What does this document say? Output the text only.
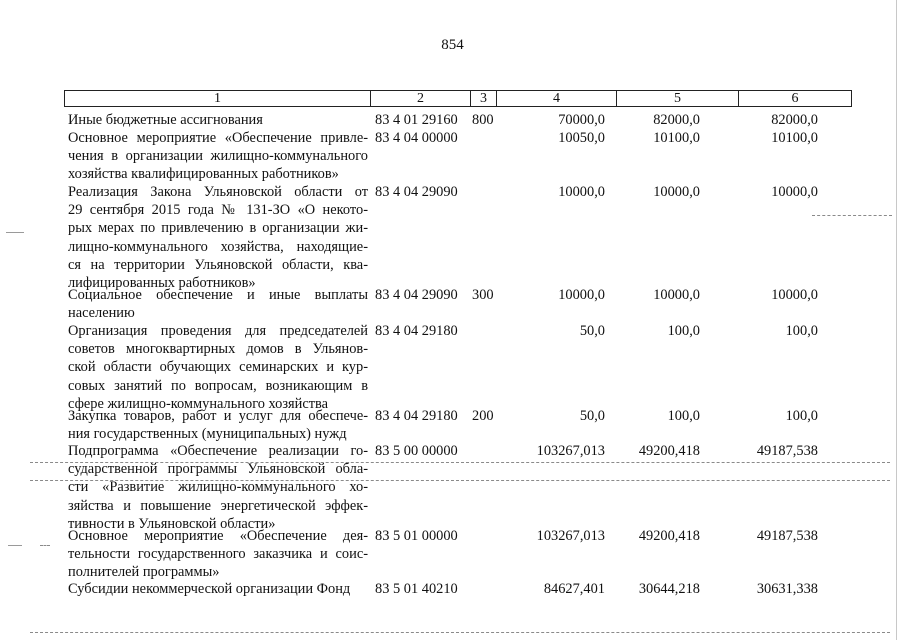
854
1	2	3	4	5	6
Иные бюджетные ассигнования	83 4 01 29160 800	70000,0	82000,0	82000,0
Основное мероприятие «Обеспечение привле-
чения в организации жилищно-коммунального
хозяйства квалифицированных работников»
83 4 04 00000	10050,0	10100,0	10100,0
Реализация Закона Ульяновской области от
29 сентября 2015 года № 131-ЗО «О некото-
рых мерах по привлечению в организации жи-
лищно-коммунального хозяйства, находящие-
ся на территории Ульяновской области, ква-
лифицированных работников»
83 4 04 29090	10000,0	10000,0	10000,0
Социальное обеспечение и иные выплаты
населению
83 4 04 29090 300	10000,0	10000,0	10000,0
Организация проведения для председателей
советов многоквартирных домов в Ульянов-
ской области обучающих семинарских и кур-
совых занятий по вопросам, возникающим в
сфере жилищно-коммунального хозяйства
83 4 04 29180	50,0	100,0	100,0
Закупка товаров, работ и услуг для обеспече-
ния государственных (муниципальных) нужд
83 4 04 29180 200	50,0	100,0	100,0
Подпрограмма «Обеспечение реализации го-
сударственной программы Ульяновской обла-
сти «Развитие жилищно-коммунального хо-
зяйства и повышение энергетической эффек-
тивности в Ульяновской области»
83 5 00 00000	103267,013	49200,418	49187,538
Основное мероприятие «Обеспечение дея-
тельности государственного заказчика и соис-
полнителей программы»
83 5 01 00000	103267,013	49200,418	49187,538
Субсидии некоммерческой организации Фонд	83 5 01 40210	84627,401	30644,218	30631,338
